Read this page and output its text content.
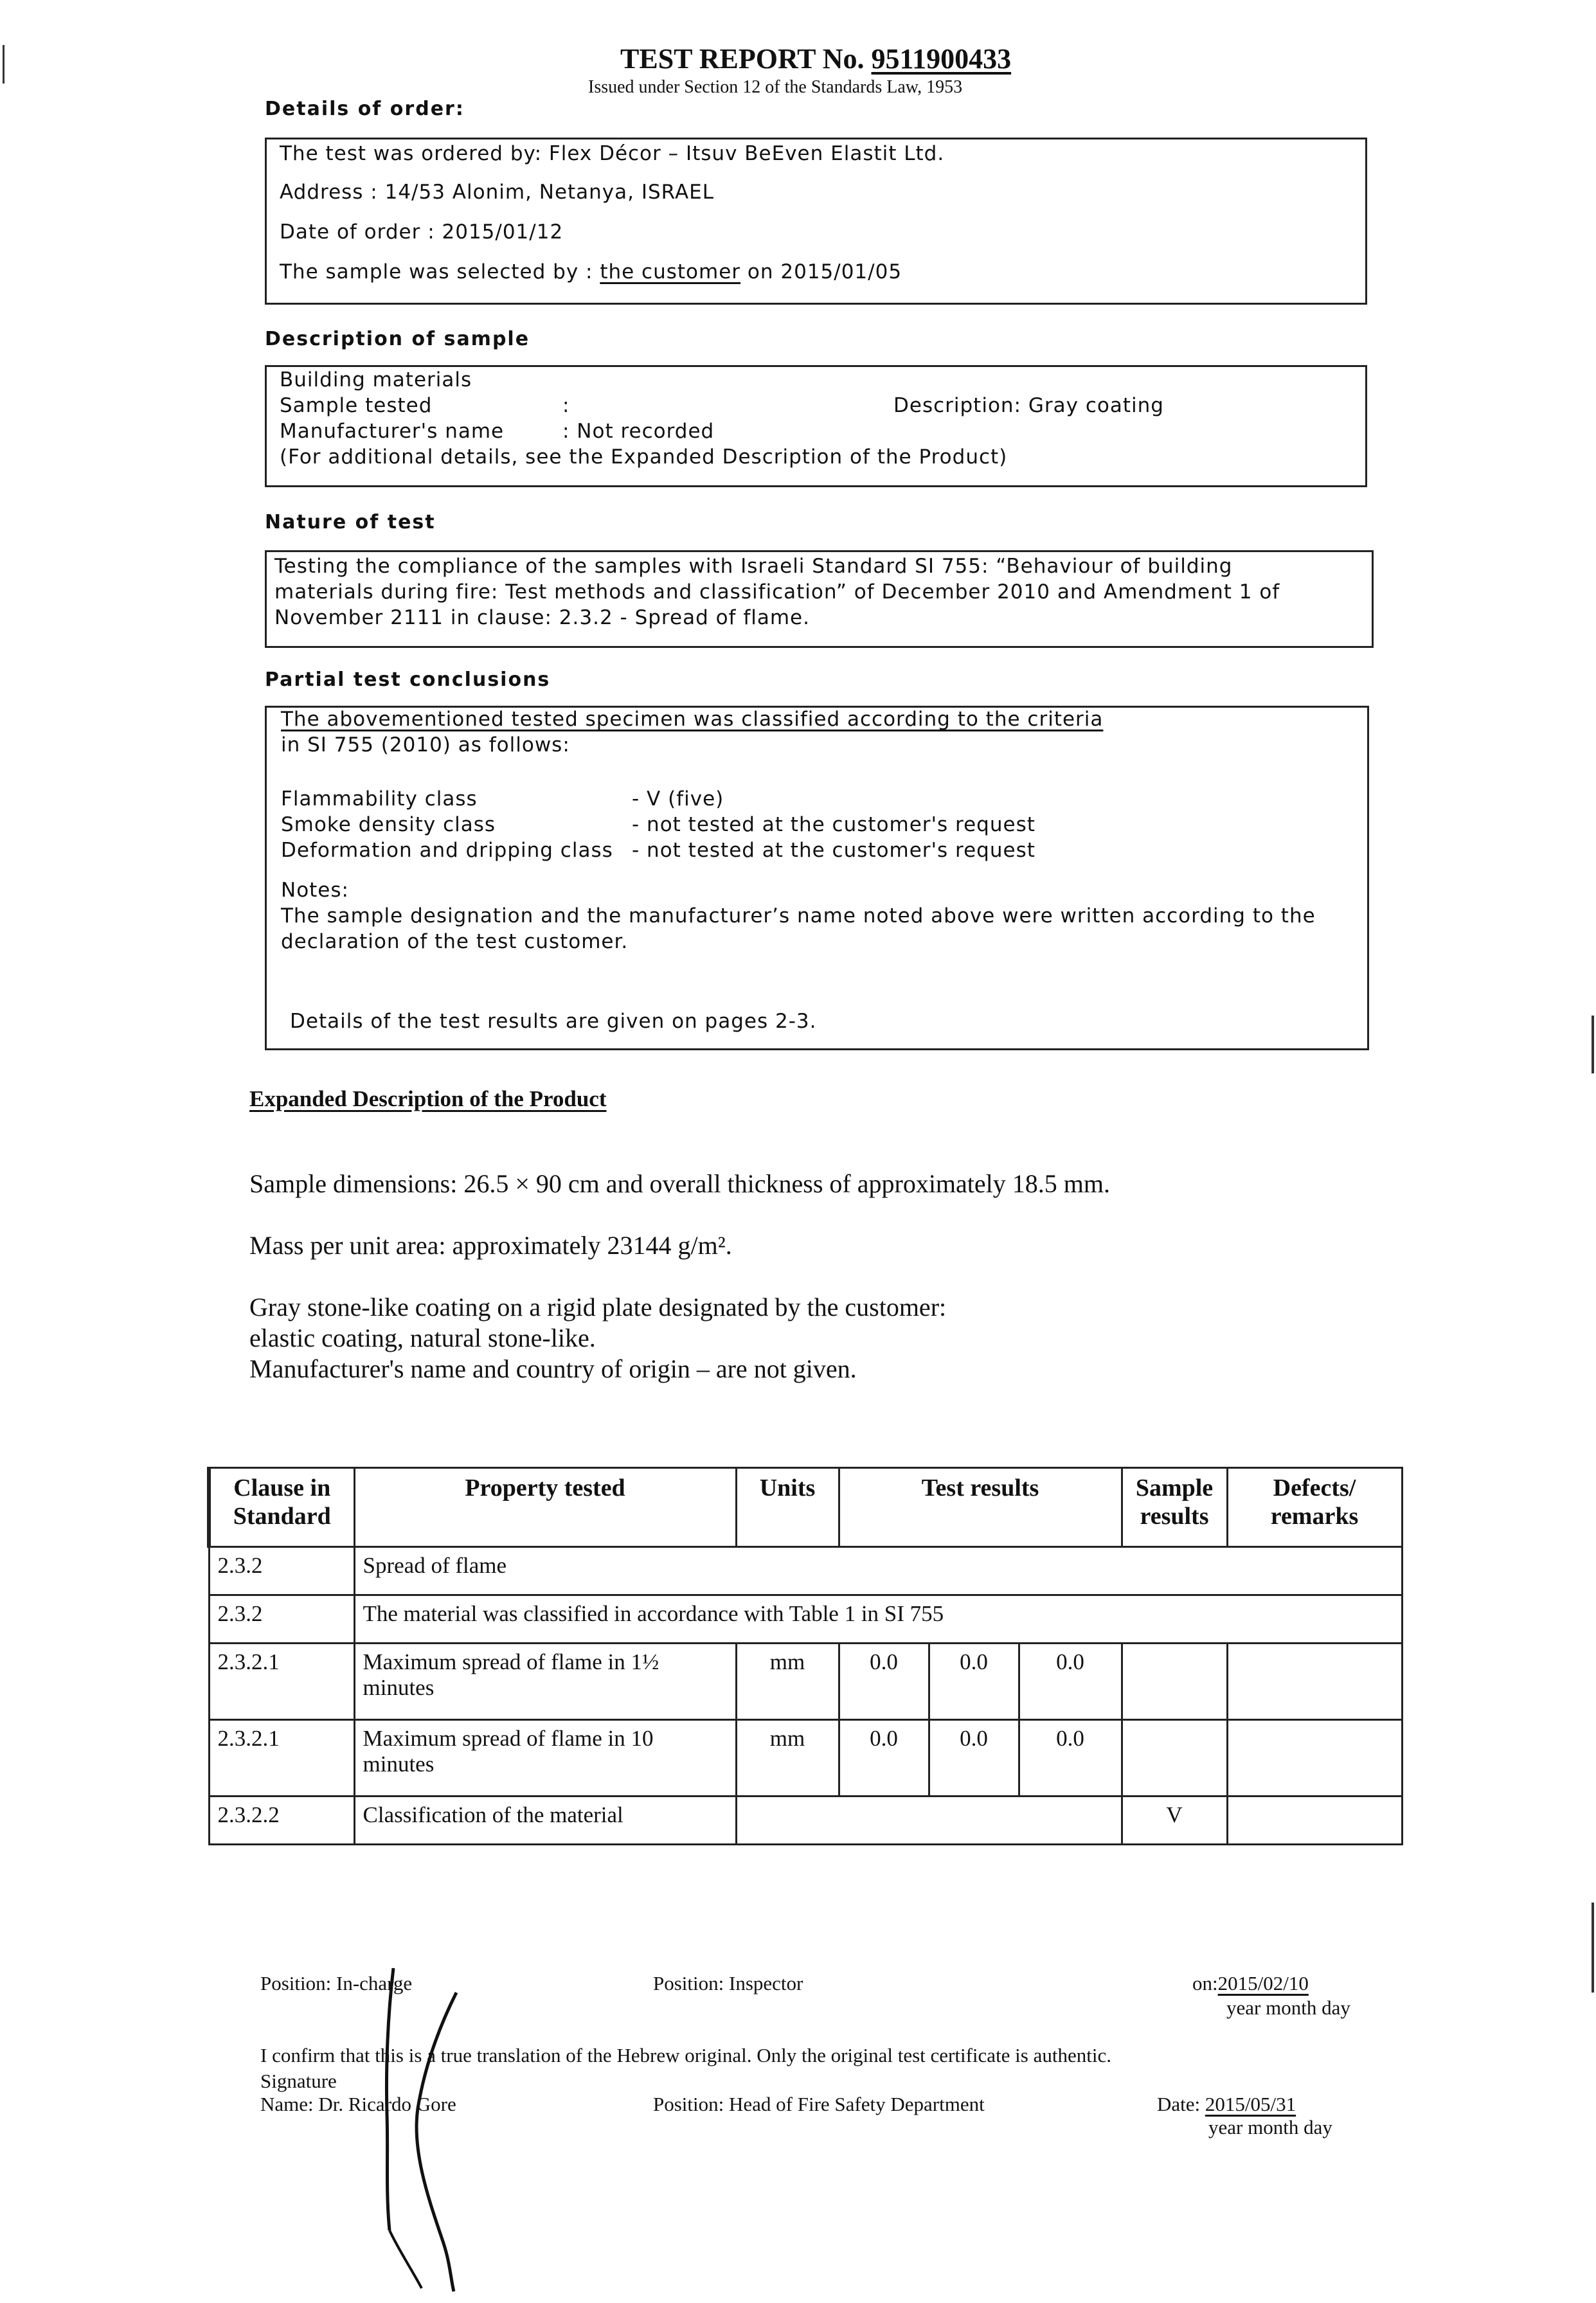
TEST REPORT No. 9511900433
Issued under Section 12 of the Standards Law, 1953
Details of order:
The test was ordered by: Flex Décor – Itsuv BeEven Elastit Ltd.
Address : 14/53 Alonim, Netanya, ISRAEL
Date of order : 2015/01/12
The sample was selected by : the customer on 2015/01/05
Description of sample
Building materials
Sample tested	:	Description: Gray coating
Manufacturer's name	: Not recorded
(For additional details, see the Expanded Description of the Product)
Nature of test
Testing the compliance of the samples with Israeli Standard SI 755: “Behaviour of building
materials during fire: Test methods and classification” of December 2010 and Amendment 1 of
November 2111 in clause: 2.3.2 - Spread of flame.
Partial test conclusions
The abovementioned tested specimen was classified according to the criteria
in SI 755 (2010) as follows:
Flammability class	- V (five)
Smoke density class	- not tested at the customer's request
Deformation and dripping class - not tested at the customer's request
Notes:
The sample designation and the manufacturer’s name noted above were written according to the
declaration of the test customer.
Details of the test results are given on pages 2-3.
Expanded Description of the Product
Sample dimensions: 26.5 × 90 cm and overall thickness of approximately 18.5 mm.
Mass per unit area: approximately 23144 g/m².
Gray stone-like coating on a rigid plate designated by the customer:
elastic coating, natural stone-like.
Manufacturer's name and country of origin – are not given.
Clause in Standard	Property tested	Units	Test results			Sample results	Defects/ remarks
2.3.2	Spread of flame						
2.3.2	The material was classified in accordance with Table 1 in SI 755						
2.3.2.1	Maximum spread of flame in 1½ minutes	mm	0.0	0.0	0.0		
2.3.2.1	Maximum spread of flame in 10 minutes	mm	0.0	0.0	0.0		
2.3.2.2	Classification of the material					V	
Position: In-charge	Position: Inspector	on:2015/02/10
year month day
I confirm that this is a true translation of the Hebrew original. Only the original test certificate is authentic.
Signature
Name: Dr. Ricardo Gore	Position: Head of Fire Safety Department	Date: 2015/05/31
year month day
